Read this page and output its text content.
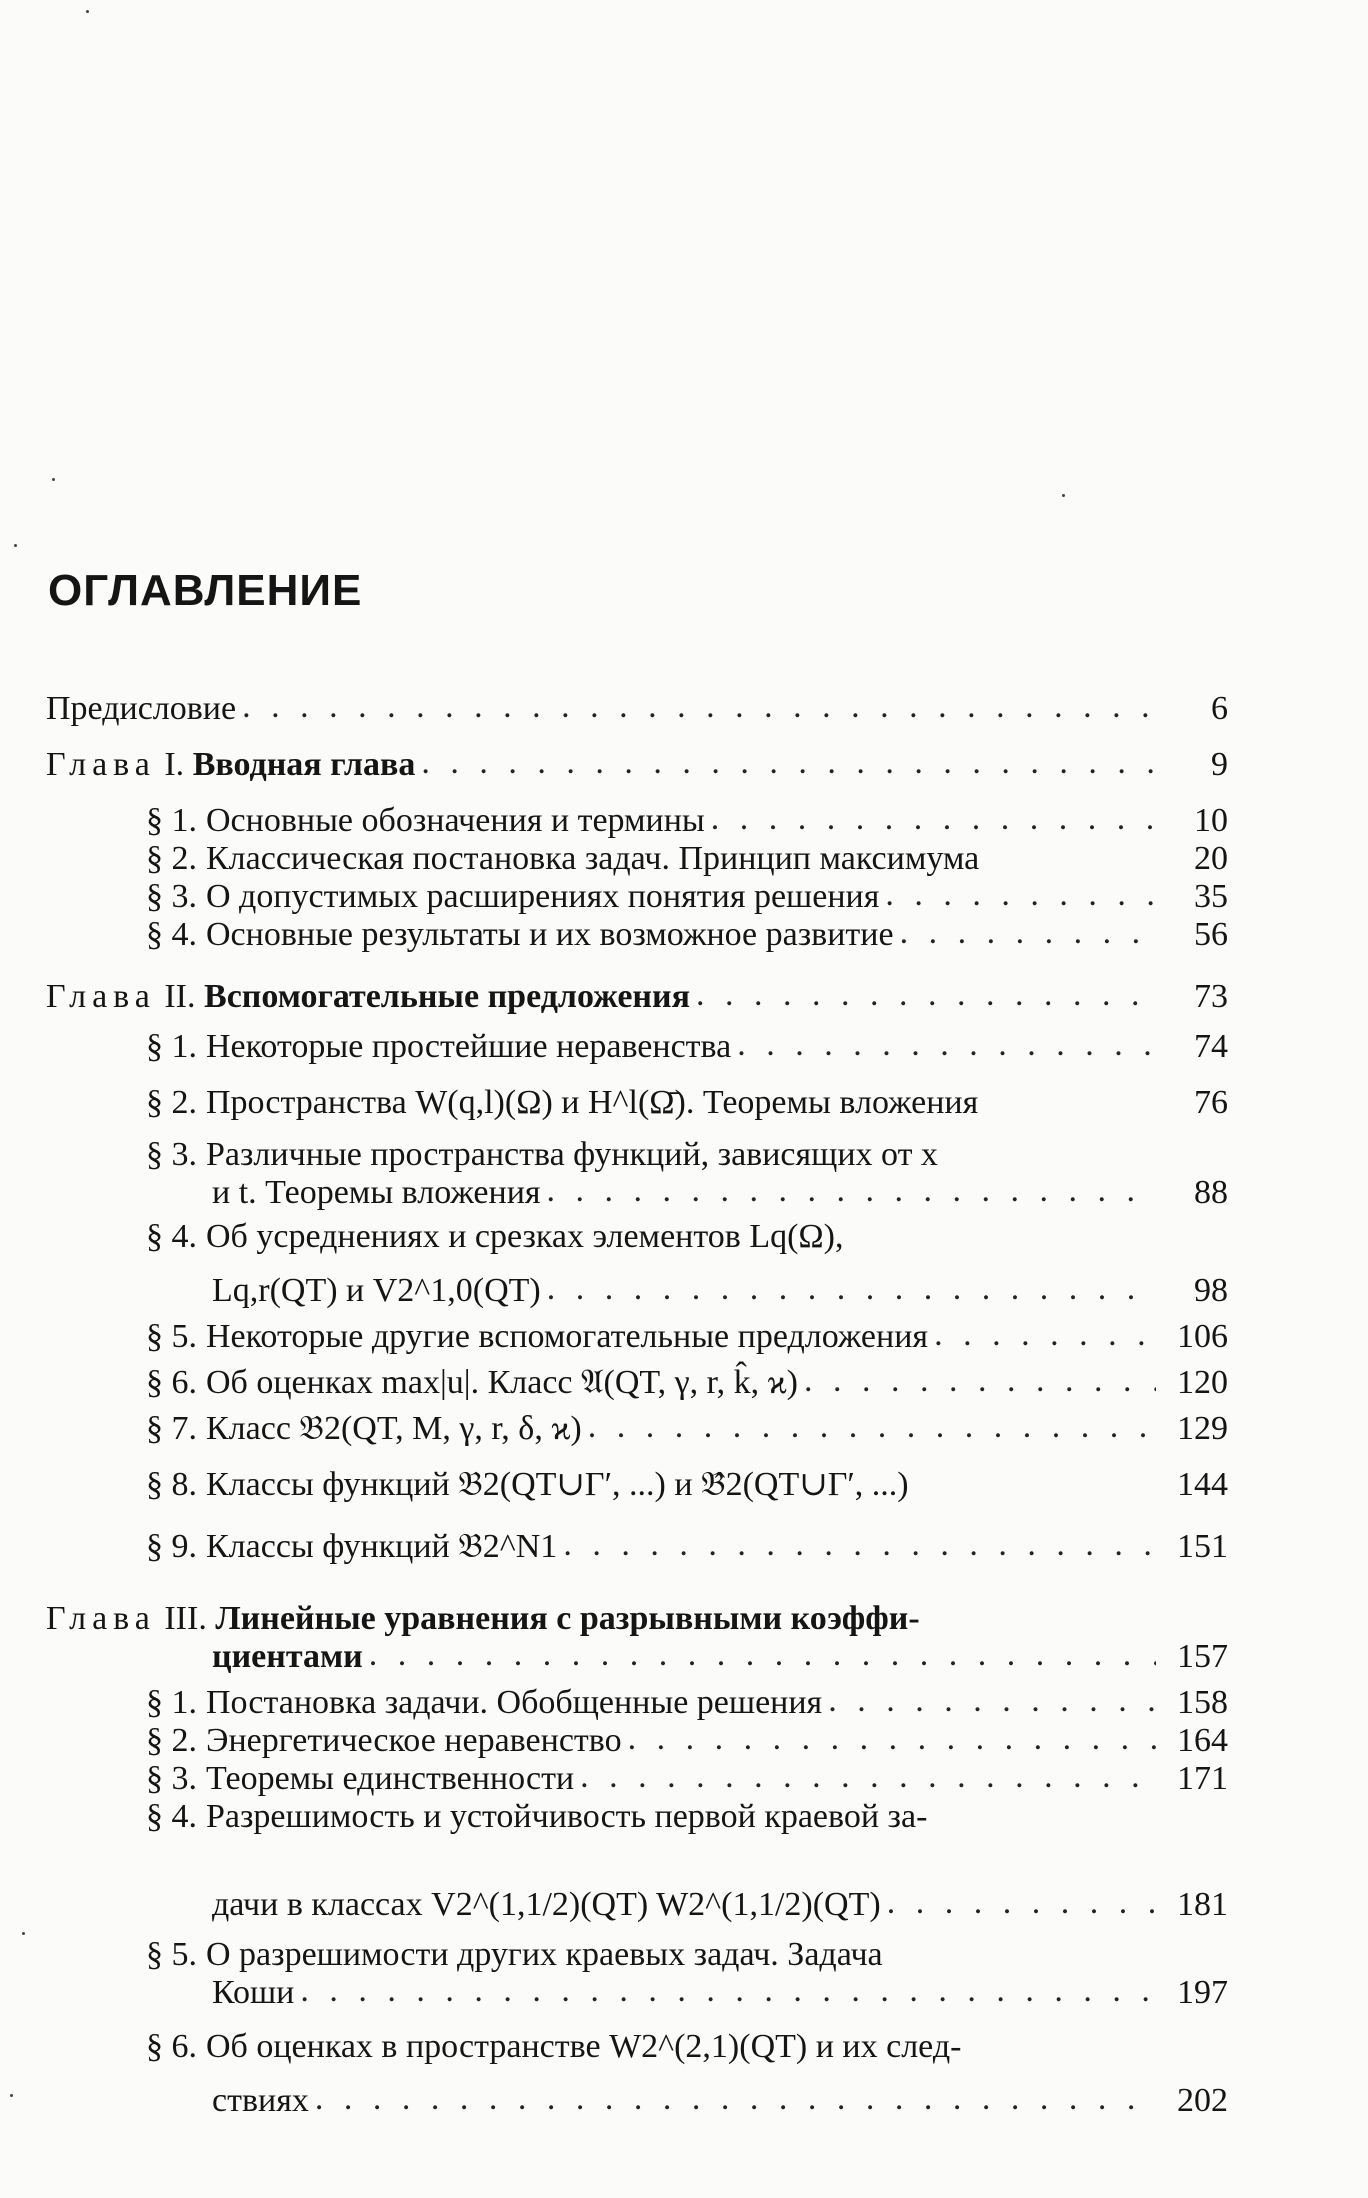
ОГЛАВЛЕНИЕ
Предисловие . . .	6
Глава I. Вводная глава . . .	9
§ 1. Основные обозначения и термины . . .	10
§ 2. Классическая постановка задач. Принцип максимума	20
§ 3. О допустимых расширениях понятия решения . . .	35
§ 4. Основные результаты и их возможное развитие . . .	56
Глава II. Вспомогательные предложения . . .	73
§ 1. Некоторые простейшие неравенства . . .	74
§ 2. Пространства W(q,l)(Ω) и H^l(Ω̄). Теоремы вложения	76
§ 3. Различные пространства функций, зависящих от x
и t. Теоремы вложения . . .	88
§ 4. Об усреднениях и срезках элементов Lq(Ω),
Lq,r(QT) и V2^1,0(QT) . . .	98
§ 5. Некоторые другие вспомогательные предложения . . .	106
§ 6. Об оценках max|u|. Класс 𝔄(QT, γ, r, k̂, ϰ) . . .	120
§ 7. Класс 𝔅2(QT, M, γ, r, δ, ϰ) . . .	129
§ 8. Классы функций 𝔅2(QT∪Γ′, ...) и 𝔅̂2(QT∪Γ′, ...)	144
§ 9. Классы функций 𝔅2^N1 . . .	151
Глава III. Линейные уравнения с разрывными коэффи-
циентами . . .	157
§ 1. Постановка задачи. Обобщенные решения . . .	158
§ 2. Энергетическое неравенство . . .	164
§ 3. Теоремы единственности . . .	171
§ 4. Разрешимость и устойчивость первой краевой за-
дачи в классах V2^(1,1/2)(QT) W2^(1,1/2)(QT) . . .	181
§ 5. О разрешимости других краевых задач. Задача
Коши . . .	197
§ 6. Об оценках в пространстве W2^(2,1)(QT) и их след-
ствиях . . .	202
